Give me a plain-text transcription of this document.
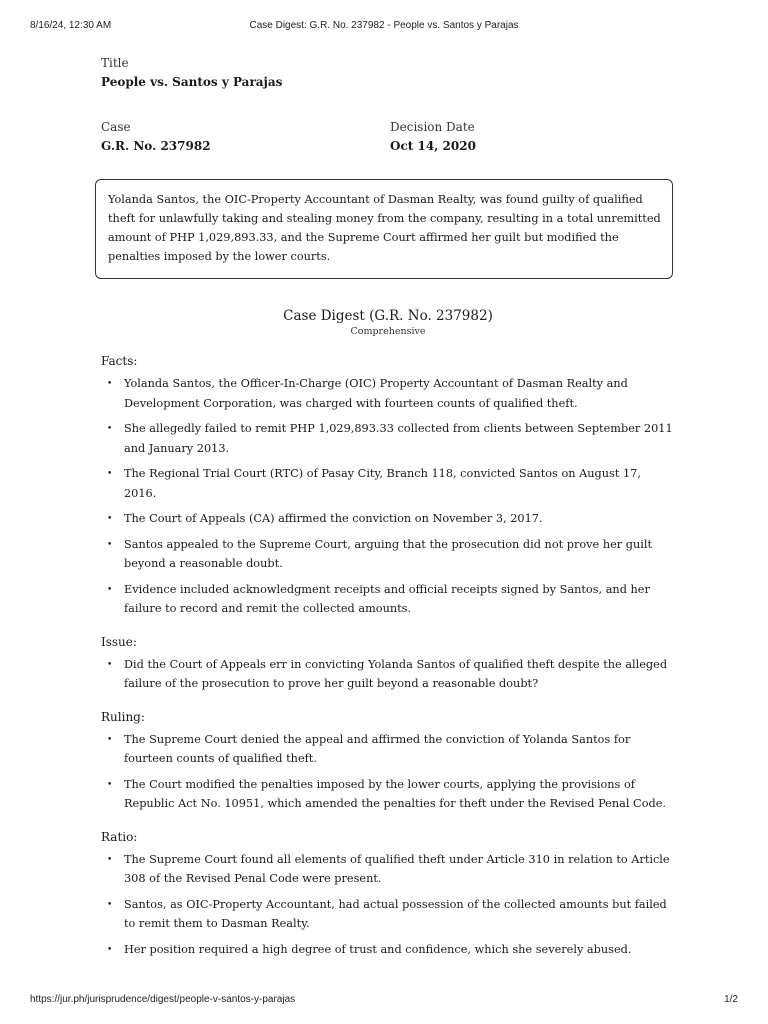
8/16/24, 12:30 AM	Case Digest: G.R. No. 237982 - People vs. Santos y Parajas
Title
People vs. Santos y Parajas
Case
G.R. No. 237982
Decision Date
Oct 14, 2020
Yolanda Santos, the OIC-Property Accountant of Dasman Realty, was found guilty of qualified theft for unlawfully taking and stealing money from the company, resulting in a total unremitted amount of PHP 1,029,893.33, and the Supreme Court affirmed her guilt but modified the penalties imposed by the lower courts.
Case Digest (G.R. No. 237982)
Comprehensive
Facts:
• Yolanda Santos, the Officer-In-Charge (OIC) Property Accountant of Dasman Realty and Development Corporation, was charged with fourteen counts of qualified theft.
• She allegedly failed to remit PHP 1,029,893.33 collected from clients between September 2011 and January 2013.
• The Regional Trial Court (RTC) of Pasay City, Branch 118, convicted Santos on August 17, 2016.
• The Court of Appeals (CA) affirmed the conviction on November 3, 2017.
• Santos appealed to the Supreme Court, arguing that the prosecution did not prove her guilt beyond a reasonable doubt.
• Evidence included acknowledgment receipts and official receipts signed by Santos, and her failure to record and remit the collected amounts.
Issue:
• Did the Court of Appeals err in convicting Yolanda Santos of qualified theft despite the alleged failure of the prosecution to prove her guilt beyond a reasonable doubt?
Ruling:
• The Supreme Court denied the appeal and affirmed the conviction of Yolanda Santos for fourteen counts of qualified theft.
• The Court modified the penalties imposed by the lower courts, applying the provisions of Republic Act No. 10951, which amended the penalties for theft under the Revised Penal Code.
Ratio:
• The Supreme Court found all elements of qualified theft under Article 310 in relation to Article 308 of the Revised Penal Code were present.
• Santos, as OIC-Property Accountant, had actual possession of the collected amounts but failed to remit them to Dasman Realty.
• Her position required a high degree of trust and confidence, which she severely abused.
https://jur.ph/jurisprudence/digest/people-v-santos-y-parajas	1/2
